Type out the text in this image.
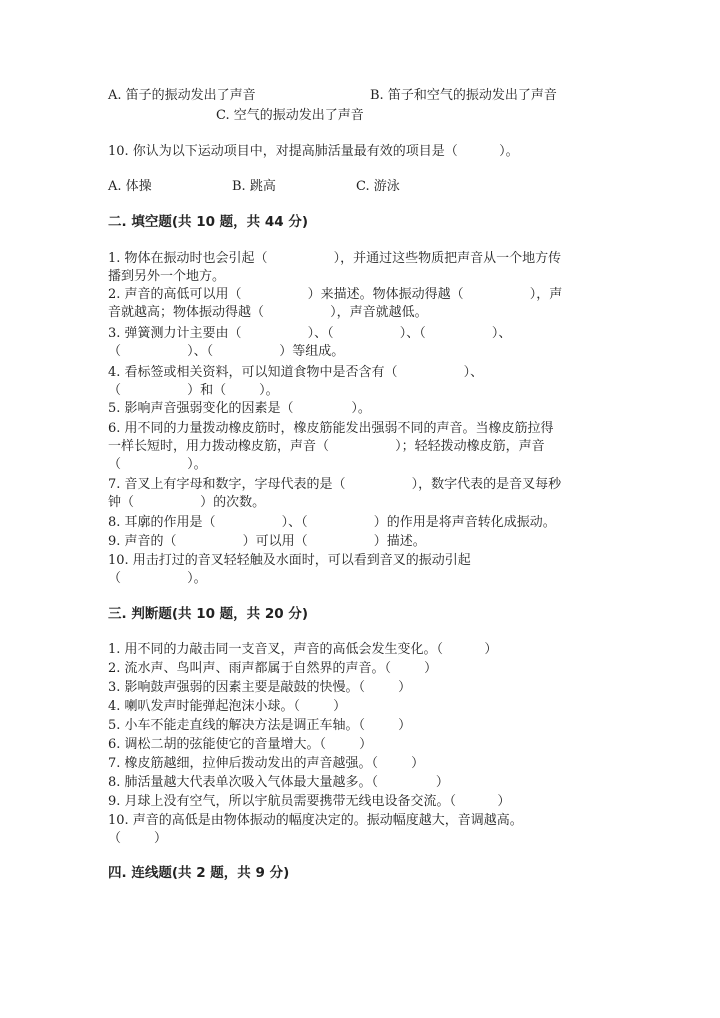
A. 笛子的振动发出了声音	B. 笛子和空气的振动发出了声音
C. 空气的振动发出了声音
10. 你认为以下运动项目中，对提高肺活量最有效的项目是（          ）。
A. 体操	B. 跳高	C. 游泳
二. 填空题(共 10 题，共 44 分)
1. 物体在振动时也会引起（                ），并通过这些物质把声音从一个地方传
播到另外一个地方。
2. 声音的高低可以用（                ）来描述。物体振动得越（                ），声
音就越高；物体振动得越（                ），声音就越低。
3. 弹簧测力计主要由（                ）、（                ）、（                ）、
（                ）、（                ）等组成。
4. 看标签或相关资料，可以知道食物中是否含有（                ）、
（                ）和（        ）。
5. 影响声音强弱变化的因素是（              ）。
6. 用不同的力量拨动橡皮筋时，橡皮筋能发出强弱不同的声音。当橡皮筋拉得
一样长短时，用力拨动橡皮筋，声音（                ）；轻轻拨动橡皮筋，声音
（                ）。
7. 音叉上有字母和数字，字母代表的是（                ），数字代表的是音叉每秒
钟（                ）的次数。
8. 耳廓的作用是（                ）、（                ）的作用是将声音转化成振动。
9. 声音的（                ）可以用（                ）描述。
10. 用击打过的音叉轻轻触及水面时，可以看到音叉的振动引起
（                ）。
三. 判断题(共 10 题，共 20 分)
1. 用不同的力敲击同一支音叉，声音的高低会发生变化。（          ）
2. 流水声、鸟叫声、雨声都属于自然界的声音。（        ）
3. 影响鼓声强弱的因素主要是敲鼓的快慢。（        ）
4. 喇叭发声时能弹起泡沫小球。（        ）
5. 小车不能走直线的解决方法是调正车轴。（        ）
6. 调松二胡的弦能使它的音量增大。（        ）
7. 橡皮筋越细，拉伸后拨动发出的声音越强。（        ）
8. 肺活量越大代表单次吸入气体最大量越多。（              ）
9. 月球上没有空气，所以宇航员需要携带无线电设备交流。（          ）
10. 声音的高低是由物体振动的幅度决定的。振动幅度越大，音调越高。
（        ）
四. 连线题(共 2 题，共 9 分)
